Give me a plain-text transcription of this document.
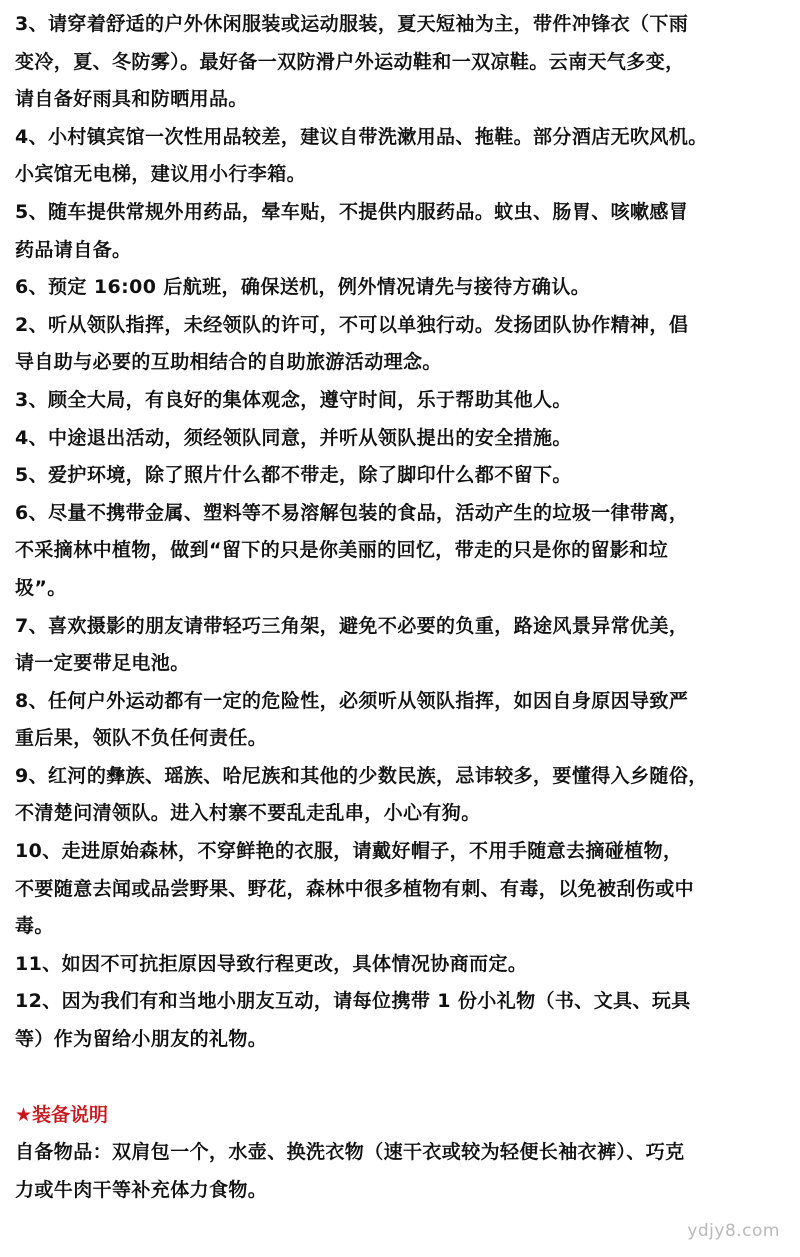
3、请穿着舒适的户外休闲服装或运动服装，夏天短袖为主，带件冲锋衣（下雨
变冷，夏、冬防雾）。最好备一双防滑户外运动鞋和一双凉鞋。云南天气多变，
请自备好雨具和防晒用品。

4、小村镇宾馆一次性用品较差，建议自带洗漱用品、拖鞋。部分酒店无吹风机。
小宾馆无电梯，建议用小行李箱。

5、随车提供常规外用药品，晕车贴，不提供内服药品。蚊虫、肠胃、咳嗽感冒
药品请自备。

6、预定 16:00 后航班，确保送机，例外情况请先与接待方确认。

2、听从领队指挥，未经领队的许可，不可以单独行动。发扬团队协作精神，倡
导自助与必要的互助相结合的自助旅游活动理念。

3、顾全大局，有良好的集体观念，遵守时间，乐于帮助其他人。

4、中途退出活动，须经领队同意，并听从领队提出的安全措施。

5、爱护环境，除了照片什么都不带走，除了脚印什么都不留下。

6、尽量不携带金属、塑料等不易溶解包装的食品，活动产生的垃圾一律带离，
不采摘林中植物，做到“留下的只是你美丽的回忆，带走的只是你的留影和垃
圾”。

7、喜欢摄影的朋友请带轻巧三角架，避免不必要的负重，路途风景异常优美，
请一定要带足电池。

8、任何户外运动都有一定的危险性，必须听从领队指挥，如因自身原因导致严
重后果，领队不负任何责任。

9、红河的彝族、瑶族、哈尼族和其他的少数民族，忌讳较多，要懂得入乡随俗，
不清楚问清领队。进入村寨不要乱走乱串，小心有狗。

10、走进原始森林，不穿鲜艳的衣服，请戴好帽子，不用手随意去摘碰植物，
不要随意去闻或品尝野果、野花，森林中很多植物有刺、有毒，以免被刮伤或中
毒。

11、如因不可抗拒原因导致行程更改，具体情况协商而定。

12、因为我们有和当地小朋友互动，请每位携带 1 份小礼物（书、文具、玩具
等）作为留给小朋友的礼物。

★装备说明

自备物品：双肩包一个，水壶、换洗衣物（速干衣或较为轻便长袖衣裤）、巧克
力或牛肉干等补充体力食物。

ydjy8.com
